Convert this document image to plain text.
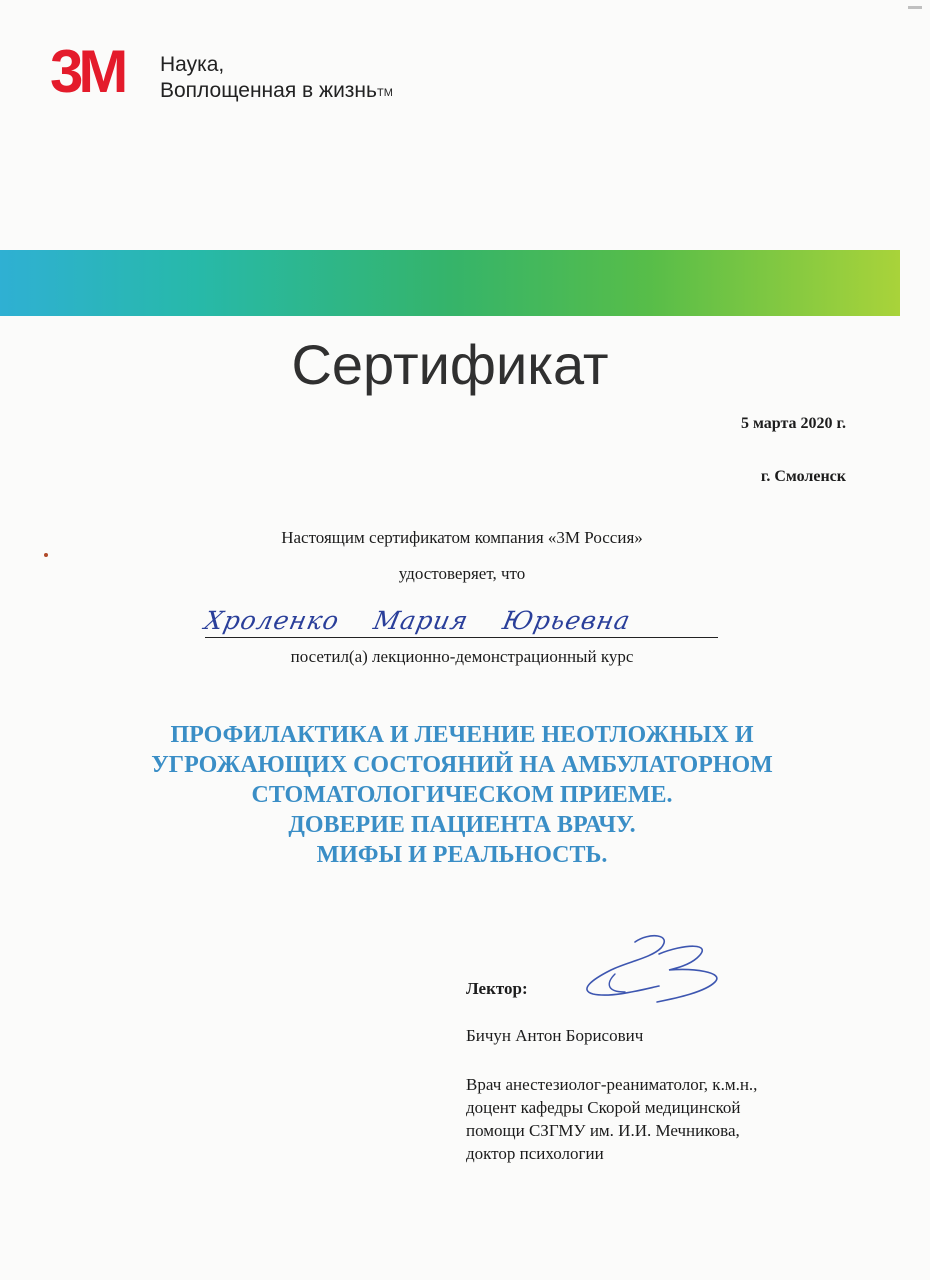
3M	Наука,
Воплощенная в жизнь™
Сертификат
5 марта 2020 г.
г. Смоленск
Настоящим сертификатом компания «3М Россия»
удостоверяет, что
Хроленко Мария Юрьевна
посетил(а) лекционно-демонстрационный курс
ПРОФИЛАКТИКА И ЛЕЧЕНИЕ НЕОТЛОЖНЫХ И
УГРОЖАЮЩИХ СОСТОЯНИЙ НА АМБУЛАТОРНОМ
СТОМАТОЛОГИЧЕСКОМ ПРИЕМЕ.
ДОВЕРИЕ ПАЦИЕНТА ВРАЧУ.
МИФЫ И РЕАЛЬНОСТЬ.
Лектор:
Бичун Антон Борисович
Врач анестезиолог-реаниматолог, к.м.н.,
доцент кафедры Скорой медицинской
помощи СЗГМУ им. И.И. Мечникова,
доктор психологии
